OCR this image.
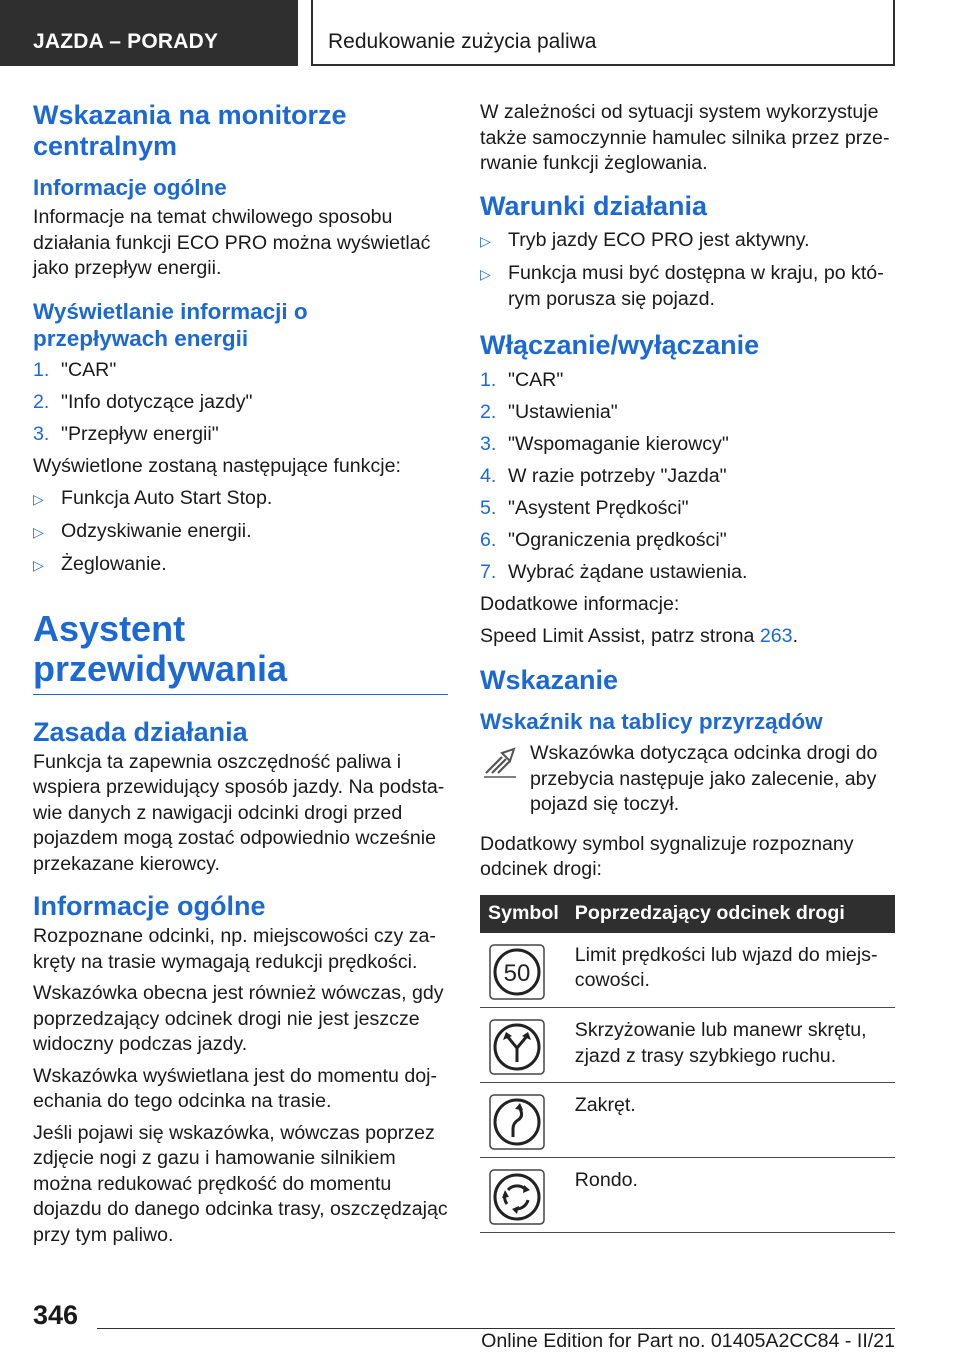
JAZDA – PORADY	Redukowanie zużycia paliwa
Wskazania na monitorze centralnym
Informacje ogólne

Informacje na temat chwilowego sposobu działania funkcji ECO PRO można wyświetlać jako przepływ energii.

Wyświetlanie informacji o przepływach energii
1. "CAR"
2. "Info dotyczące jazdy"
3. "Przepływ energii"

Wyświetlone zostaną następujące funkcje:

▷ Funkcja Auto Start Stop.
▷ Odzyskiwanie energii.
▷ Żeglowanie.
Asystent przewidywania
Zasada działania

Funkcja ta zapewnia oszczędność paliwa i wspiera przewidujący sposób jazdy. Na podstawie danych z nawigacji odcinki drogi przed pojazdem mogą zostać odpowiednio wcześnie przekazane kierowcy.

Informacje ogólne

Rozpoznane odcinki, np. miejscowości czy zakręty na trasie wymagają redukcji prędkości.

Wskazówka obecna jest również wówczas, gdy poprzedzający odcinek drogi nie jest jeszcze widoczny podczas jazdy.

Wskazówka wyświetlana jest do momentu dojechania do tego odcinka na trasie.

Jeśli pojawi się wskazówka, wówczas poprzez zdjęcie nogi z gazu i hamowanie silnikiem można redukować prędkość do momentu dojazdu do danego odcinka trasy, oszczędzając przy tym paliwo.

W zależności od sytuacji system wykorzystuje także samoczynnie hamulec silnika przez przerwanie funkcji żeglowania.

Warunki działania
▷ Tryb jazdy ECO PRO jest aktywny.
▷ Funkcja musi być dostępna w kraju, po którym porusza się pojazd.
Włączanie/wyłączanie
1. "CAR"
2. "Ustawienia"
3. "Wspomaganie kierowcy"
4. W razie potrzeby "Jazda"
5. "Asystent Prędkości"
6. "Ograniczenia prędkości"
7. Wybrać żądane ustawienia.

Dodatkowe informacje:

Speed Limit Assist, patrz strona 263.

Wskazanie
Wskaźnik na tablicy przyrządów

Wskazówka dotycząca odcinka drogi do przebycia następuje jako zalecenie, aby pojazd się toczył.

Dodatkowy symbol sygnalizuje rozpoznany odcinek drogi:

Symbol	Poprzedzający odcinek drogi

50	Limit prędkości lub wjazd do miejscowości.

	Skrzyżowanie lub manewr skrętu, zjazd z trasy szybkiego ruchu.

	Zakręt.

	Rondo.
346
Online Edition for Part no. 01405A2CC84 - II/21
